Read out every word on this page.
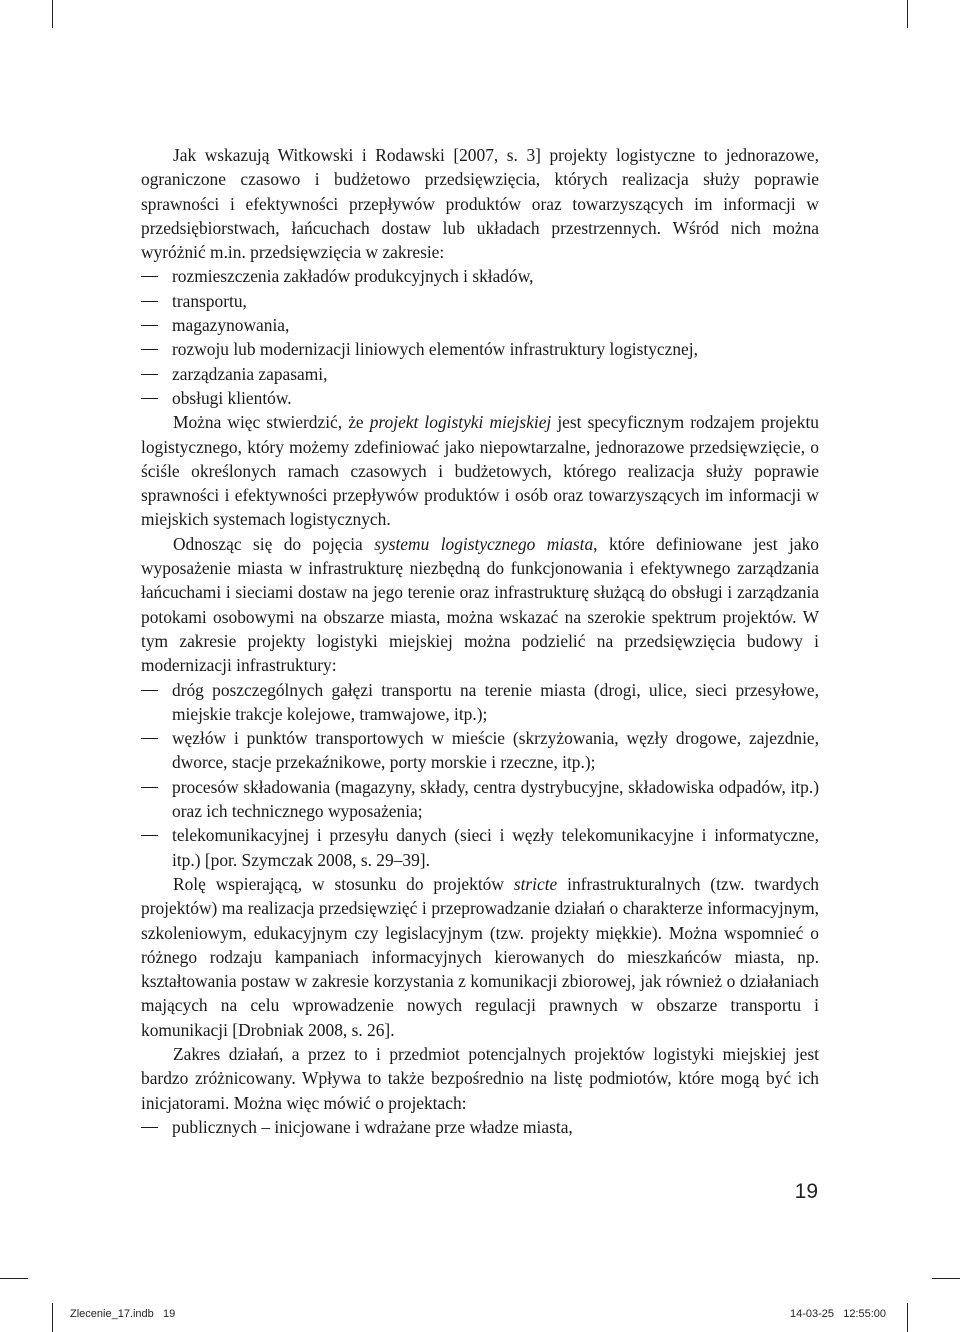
Jak wskazują Witkowski i Rodawski [2007, s. 3] projekty logistyczne to jednorazowe, ograniczone czasowo i budżetowo przedsięwzięcia, których realizacja służy poprawie sprawności i efektywności przepływów produktów oraz towarzyszących im informacji w przedsiębiorstwach, łańcuchach dostaw lub układach przestrzennych. Wśród nich można wyróżnić m.in. przedsięwzięcia w zakresie:

rozmieszczenia zakładów produkcyjnych i składów,
transportu,
magazynowania,
rozwoju lub modernizacji liniowych elementów infrastruktury logistycznej,
zarządzania zapasami,
obsługi klientów.

Można więc stwierdzić, że projekt logistyki miejskiej jest specyficznym rodzajem projektu logistycznego, który możemy zdefiniować jako niepowtarzalne, jednorazowe przedsięwzięcie, o ściśle określonych ramach czasowych i budżetowych, którego realizacja służy poprawie sprawności i efektywności przepływów produktów i osób oraz towarzyszących im informacji w miejskich systemach logistycznych.

Odnosząc się do pojęcia systemu logistycznego miasta, które definiowane jest jako wyposażenie miasta w infrastrukturę niezbędną do funkcjonowania i efektywnego zarządzania łańcuchami i sieciami dostaw na jego terenie oraz infrastrukturę służącą do obsługi i zarządzania potokami osobowymi na obszarze miasta, można wskazać na szerokie spektrum projektów. W tym zakresie projekty logistyki miejskiej można podzielić na przedsięwzięcia budowy i modernizacji infrastruktury:

dróg poszczególnych gałęzi transportu na terenie miasta (drogi, ulice, sieci przesyłowe, miejskie trakcje kolejowe, tramwajowe, itp.);
węzłów i punktów transportowych w mieście (skrzyżowania, węzły drogowe, zajezdnie, dworce, stacje przekaźnikowe, porty morskie i rzeczne, itp.);
procesów składowania (magazyny, składy, centra dystrybucyjne, składowiska odpadów, itp.) oraz ich technicznego wyposażenia;
telekomunikacyjnej i przesyłu danych (sieci i węzły telekomunikacyjne i informatyczne, itp.) [por. Szymczak 2008, s. 29–39].

Rolę wspierającą, w stosunku do projektów stricte infrastrukturalnych (tzw. twardych projektów) ma realizacja przedsięwzięć i przeprowadzanie działań o charakterze informacyjnym, szkoleniowym, edukacyjnym czy legislacyjnym (tzw. projekty miękkie). Można wspomnieć o różnego rodzaju kampaniach informacyjnych kierowanych do mieszkańców miasta, np. kształtowania postaw w zakresie korzystania z komunikacji zbiorowej, jak również o działaniach mających na celu wprowadzenie nowych regulacji prawnych w obszarze transportu i komunikacji [Drobniak 2008, s. 26].

Zakres działań, a przez to i przedmiot potencjalnych projektów logistyki miejskiej jest bardzo zróżnicowany. Wpływa to także bezpośrednio na listę podmiotów, które mogą być ich inicjatorami. Można więc mówić o projektach:

publicznych – inicjowane i wdrażane prze władze miasta,
19
Zlecenie_17.indb   19	14-03-25   12:55:00
